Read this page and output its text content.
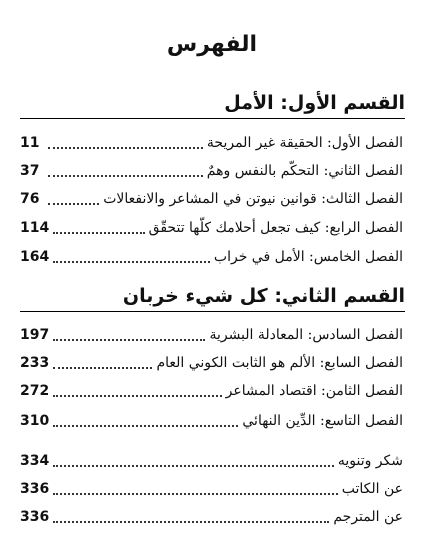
الفهرس
القسم الأول: الأمل
الفصل الأول: الحقيقة غير المريحة
11
الفصل الثاني: التحكّم بالنفس وهمٌ
37
الفصل الثالث: قوانين نيوتن في المشاعر والانفعالات
76
الفصل الرابع: كيف تجعل أحلامك كلّها تتحقّق
114
الفصل الخامس: الأمل في خراب
164
القسم الثاني: كل شيء خربان
الفصل السادس: المعادلة البشرية
197
الفصل السابع: الألم هو الثابت الكوني العام
233
الفصل الثامن: اقتصاد المشاعر
272
الفصل التاسع: الدِّين النهائي
310
شكر وتنويه
334
عن الكاتب
336
عن المترجم
336
